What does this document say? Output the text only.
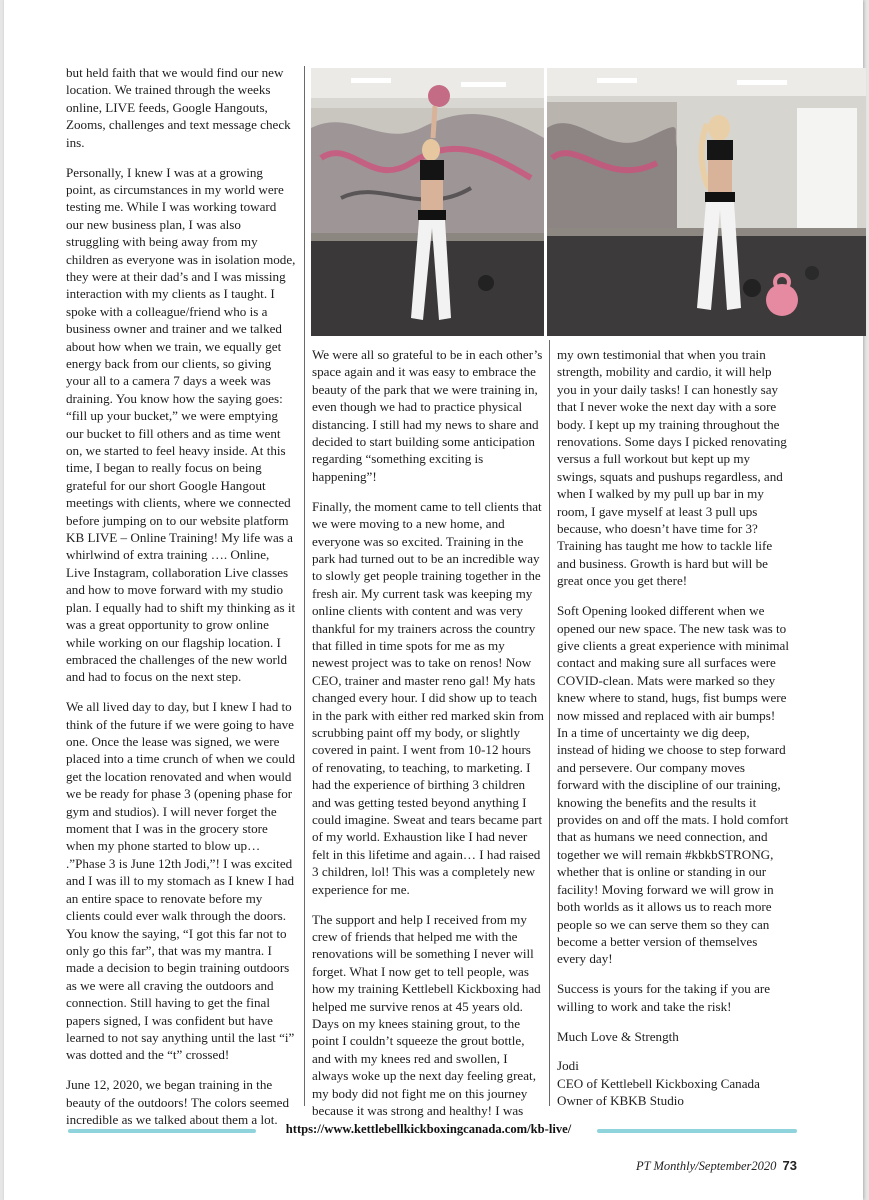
but held faith that we would find our new location. We trained through the weeks online, LIVE feeds, Google Hangouts, Zooms, challenges and text message check ins.

Personally, I knew I was at a growing point, as circumstances in my world were testing me. While I was working toward our new business plan, I was also struggling with being away from my children as everyone was in isolation mode, they were at their dad’s and I was missing interaction with my clients as I taught. I spoke with a colleague/friend who is a business owner and trainer and we talked about how when we train, we equally get energy back from our clients, so giving your all to a camera 7 days a week was draining. You know how the saying goes: “fill up your bucket,” we were emptying our bucket to fill others and as time went on, we started to feel heavy inside. At this time, I began to really focus on being grateful for our short Google Hangout meetings with clients, where we connected before jumping on to our website platform KB LIVE – Online Training! My life was a whirlwind of extra training …. Online, Live Instagram, collaboration Live classes and how to move forward with my studio plan. I equally had to shift my thinking as it was a great opportunity to grow online while working on our flagship location. I embraced the challenges of the new world and had to focus on the next step.

We all lived day to day, but I knew I had to think of the future if we were going to have one. Once the lease was signed, we were placed into a time crunch of when we could get the location renovated and when would we be ready for phase 3 (opening phase for gym and studios). I will never forget the moment that I was in the grocery store when my phone started to blow up… .”Phase 3 is June 12th Jodi,”! I was excited and I was ill to my stomach as I knew I had an entire space to renovate before my clients could ever walk through the doors. You know the saying, “I got this far not to only go this far”, that was my mantra. I made a decision to begin training outdoors as we were all craving the outdoors and connection. Still having to get the final papers signed, I was confident but have learned to not say anything until the last “i” was dotted and the “t” crossed!

June 12, 2020, we began training in the beauty of the outdoors! The colors seemed incredible as we talked about them a lot.

We were all so grateful to be in each other’s space again and it was easy to embrace the beauty of the park that we were training in, even though we had to practice physical distancing. I still had my news to share and decided to start building some anticipation regarding “something exciting is happening”!

Finally, the moment came to tell clients that we were moving to a new home, and everyone was so excited. Training in the park had turned out to be an incredible way to slowly get people training together in the fresh air. My current task was keeping my online clients with content and was very thankful for my trainers across the country that filled in time spots for me as my newest project was to take on renos! Now CEO, trainer and master reno gal! My hats changed every hour. I did show up to teach in the park with either red marked skin from scrubbing paint off my body, or slightly covered in paint. I went from 10-12 hours of renovating, to teaching, to marketing. I had the experience of birthing 3 children and was getting tested beyond anything I could imagine. Sweat and tears became part of my world. Exhaustion like I had never felt in this lifetime and again… I had raised 3 children, lol! This was a completely new experience for me.

The support and help I received from my crew of friends that helped me with the renovations will be something I never will forget. What I now get to tell people, was how my training Kettlebell Kickboxing had helped me survive renos at 45 years old. Days on my knees staining grout, to the point I couldn’t squeeze the grout bottle, and with my knees red and swollen, I always woke up the next day feeling great, my body did not fight me on this journey because it was strong and healthy! I was

my own testimonial that when you train strength, mobility and cardio, it will help you in your daily tasks! I can honestly say that I never woke the next day with a sore body. I kept up my training throughout the renovations. Some days I picked renovating versus a full workout but kept up my swings, squats and pushups regardless, and when I walked by my pull up bar in my room, I gave myself at least 3 pull ups because, who doesn’t have time for 3? Training has taught me how to tackle life and business. Growth is hard but will be great once you get there!

Soft Opening looked different when we opened our new space. The new task was to give clients a great experience with minimal contact and making sure all surfaces were COVID-clean. Mats were marked so they knew where to stand, hugs, fist bumps were now missed and replaced with air bumps! In a time of uncertainty we dig deep, instead of hiding we choose to step forward and persevere. Our company moves forward with the discipline of our training, knowing the benefits and the results it provides on and off the mats. I hold comfort that as humans we need connection, and together we will remain #kbkbSTRONG, whether that is online or standing in our facility! Moving forward we will grow in both worlds as it allows us to reach more people so we can serve them so they can become a better version of themselves every day!

Success is yours for the taking if you are willing to work and take the risk!

Much Love & Strength

Jodi
CEO of Kettlebell Kickboxing Canada
Owner of KBKB Studio
https://www.kettlebellkickboxingcanada.com/kb-live/
PT Monthly/September2020 73
